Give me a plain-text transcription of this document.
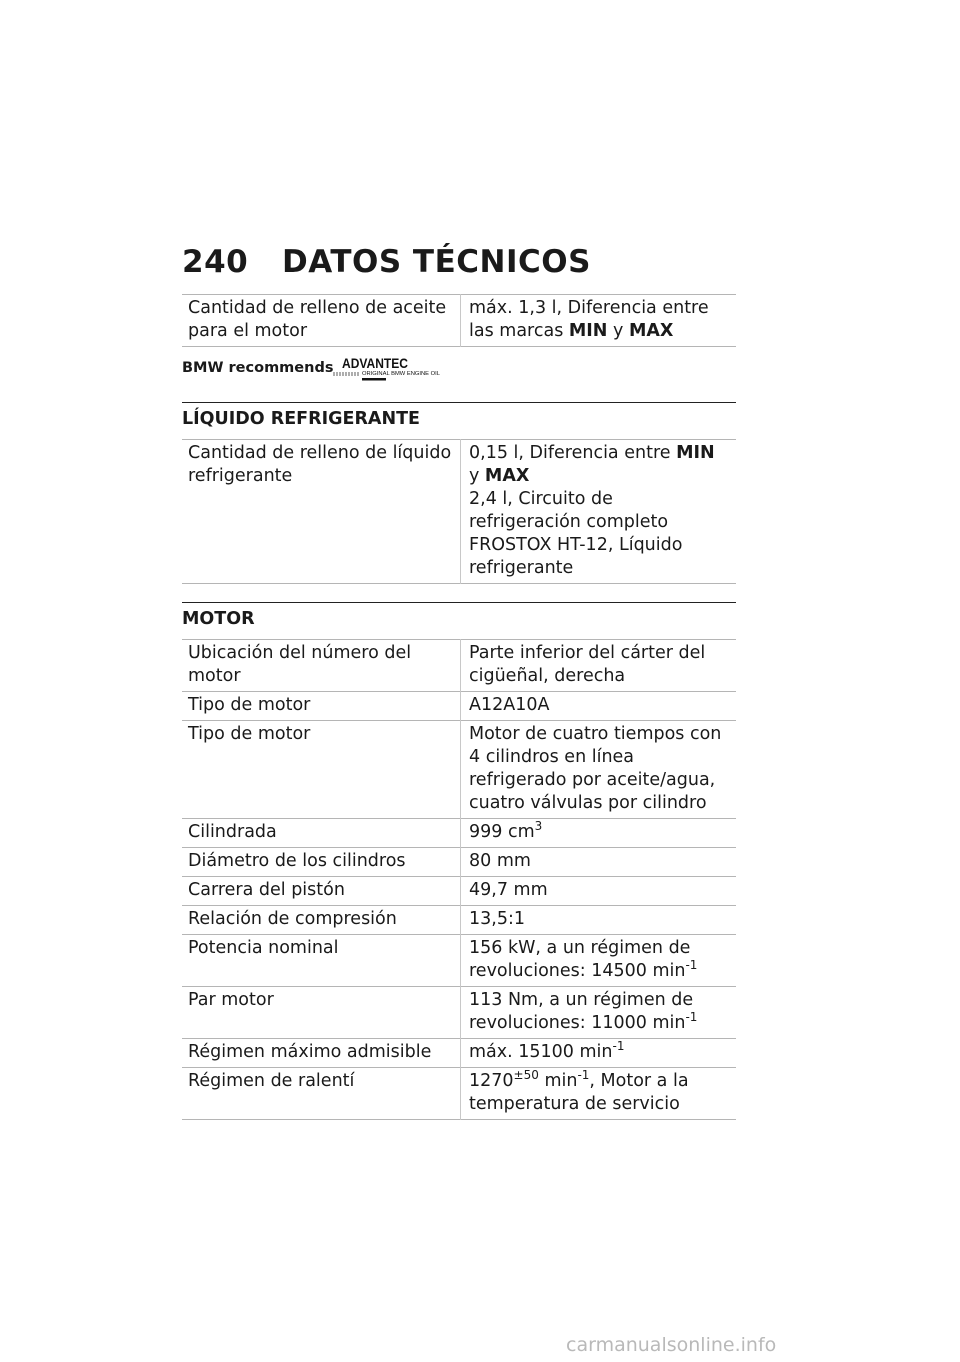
240 DATOS TÉCNICOS
Cantidad de relleno de aceite para el motor	máx. 1,3 l, Diferencia entre las marcas MIN y MAX
BMW recommends ADVANTEC
ORIGINAL BMW ENGINE OIL
LÍQUIDO REFRIGERANTE
Cantidad de relleno de líquido refrigerante	0,15 l, Diferencia entre MIN y MAX
2,4 l, Circuito de refrigeración completo
FROSTOX HT-12, Líquido refrigerante
MOTOR
Ubicación del número del motor	Parte inferior del cárter del cigüeñal, derecha
Tipo de motor	A12A10A
Tipo de motor	Motor de cuatro tiempos con 4 cilindros en línea refrigerado por aceite/agua, cuatro válvulas por cilindro
Cilindrada	999 $cm^3$
Diámetro de los cilindros	80 mm
Carrera del pistón	49,7 mm
Relación de compresión	13,5:1
Potencia nominal	156 kW, a un régimen de revoluciones: 14500 $\min^{-1}$
Par motor	113 Nm, a un régimen de revoluciones: 11000 $\min^{-1}$
Régimen máximo admisible	máx. 15100 $\min^{-1}$
Régimen de ralentí	$1270^{\pm 50}$ $\min^{-1}$, Motor a la temperatura de servicio
carmanualsonline.info
